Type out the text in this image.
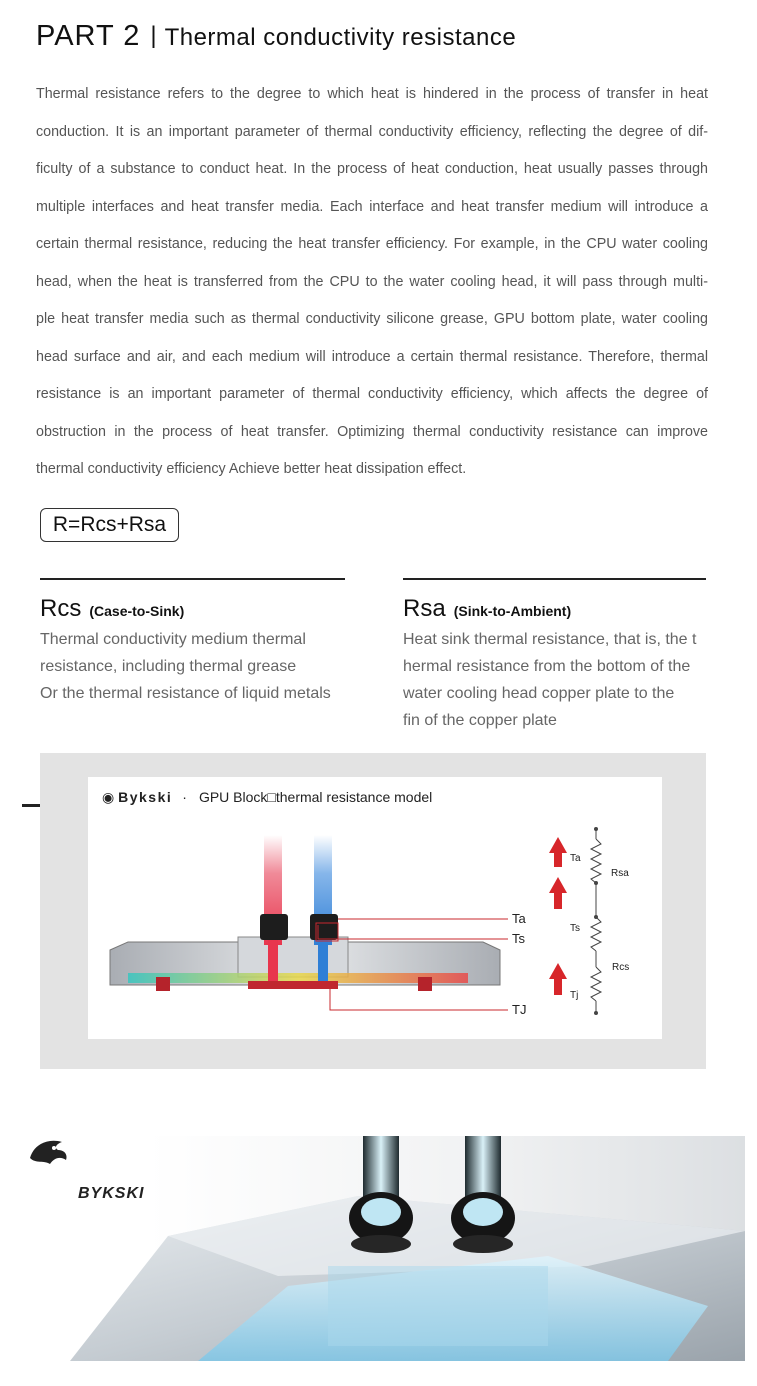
PART 2 | Thermal conductivity resistance
Thermal resistance refers to the degree to which heat is hindered in the process of transfer in heat
conduction. It is an important parameter of thermal conductivity efficiency, reflecting the degree of dif-
ficulty of a substance to conduct heat. In the process of heat conduction, heat usually passes through
multiple interfaces and heat transfer media. Each interface and heat transfer medium will introduce a
certain thermal resistance, reducing the heat transfer efficiency. For example, in the CPU water cooling
head, when the heat is transferred from the CPU to the water cooling head, it will pass through multi-
ple heat transfer media such as thermal conductivity silicone grease, GPU bottom plate, water cooling
head surface and air, and each medium will introduce a certain thermal resistance. Therefore, thermal
resistance is an important parameter of thermal conductivity efficiency, which affects the degree of
obstruction in the process of heat transfer. Optimizing thermal conductivity resistance can improve
thermal conductivity efficiency Achieve better heat dissipation effect.
R=Rcs+Rsa
Rcs (Case-to-Sink)
Thermal conductivity medium thermal
resistance, including thermal grease
Or the thermal resistance of liquid metals
Rsa (Sink-to-Ambient)
Heat sink thermal resistance, that is, the t
hermal resistance from the bottom of the
water cooling head copper plate to the
fin of the copper plate
◉ Bykski · GPU Block□thermal resistance model
Ta
Ts
TJ
Ta
Ts
Tj
Rsa
Rcs
BYKSKI
